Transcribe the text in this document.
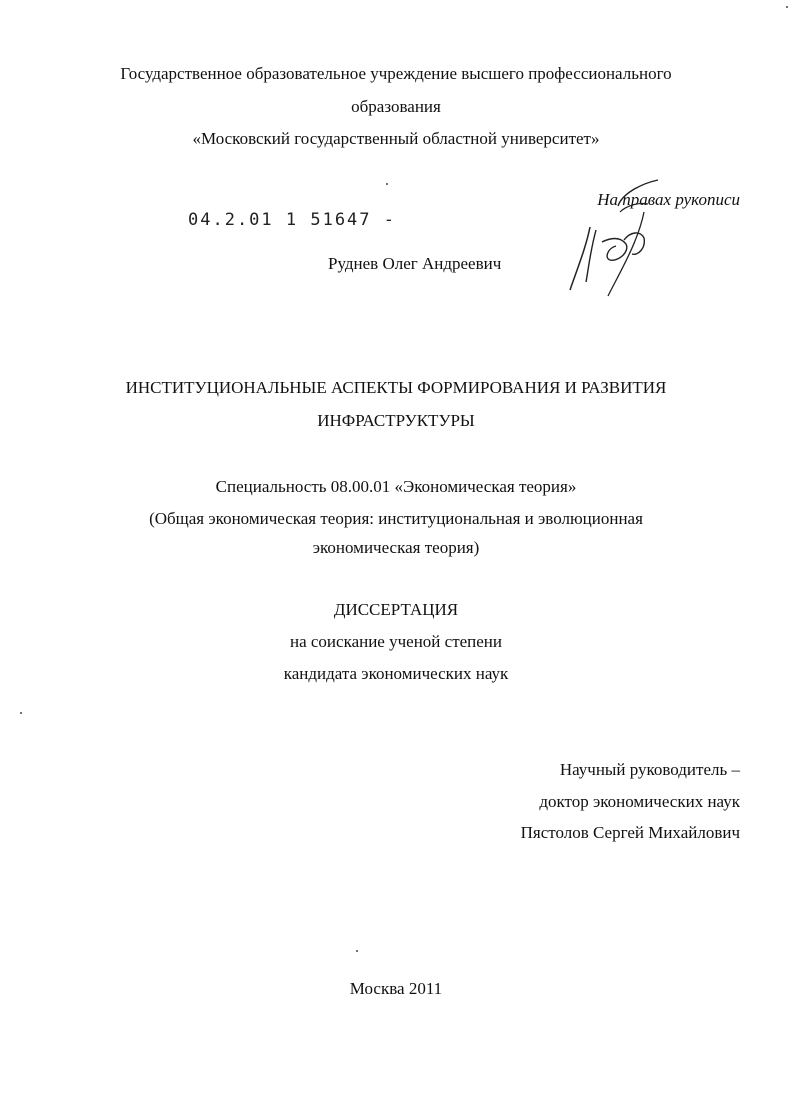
Государственное образовательное учреждение высшего профессионального
образования
«Московский государственный областной университет»
04.2.01 1 51647 -
На правах рукописи
Руднев Олег Андреевич
ИНСТИТУЦИОНАЛЬНЫЕ АСПЕКТЫ ФОРМИРОВАНИЯ И РАЗВИТИЯ
ИНФРАСТРУКТУРЫ
Специальность 08.00.01 «Экономическая теория»
(Общая экономическая теория: институциональная и эволюционная
экономическая теория)
ДИССЕРТАЦИЯ
на соискание ученой степени
кандидата экономических наук
Научный руководитель –
доктор экономических наук
Пястолов Сергей Михайлович
Москва 2011
